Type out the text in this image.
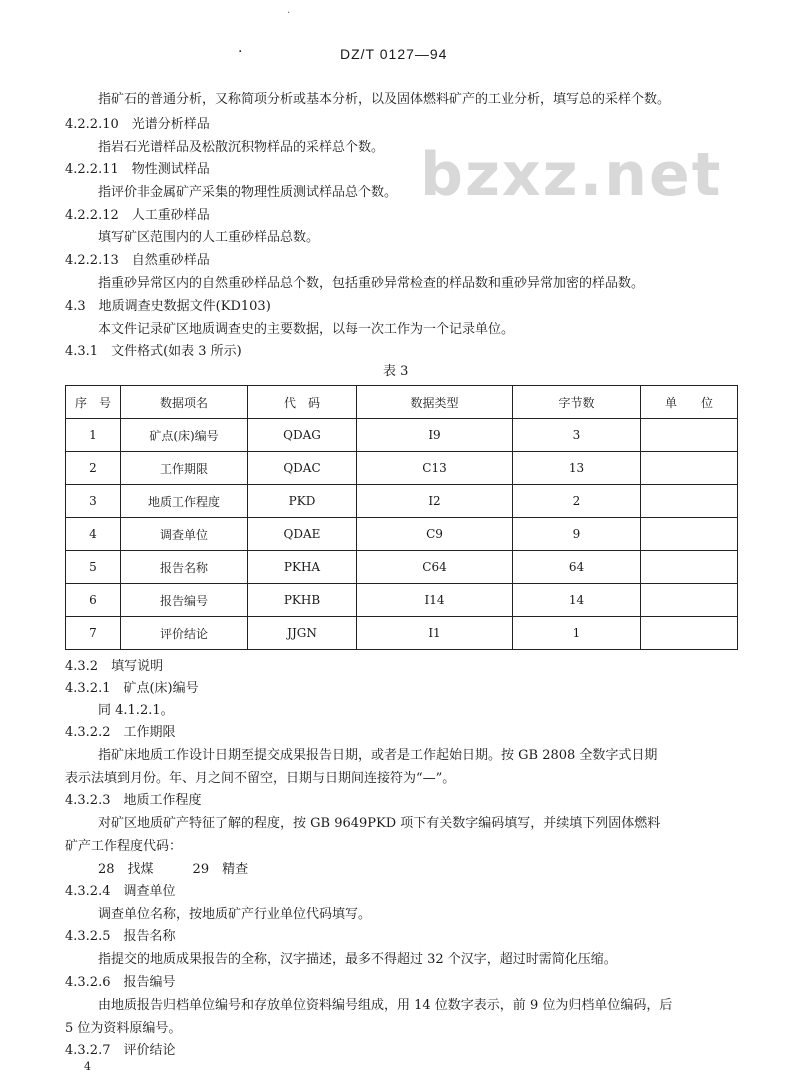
·
·	DZ/T 0127—94
bzxz.net
指矿石的普通分析，又称简项分析或基本分析，以及固体燃料矿产的工业分析，填写总的采样个数。
4.2.2.10　光谱分析样品
指岩石光谱样品及松散沉积物样品的采样总个数。
4.2.2.11　物性测试样品
指评价非金属矿产采集的物理性质测试样品总个数。
4.2.2.12　人工重砂样品
填写矿区范围内的人工重砂样品总数。
4.2.2.13　自然重砂样品
指重砂异常区内的自然重砂样品总个数，包括重砂异常检查的样品数和重砂异常加密的样品数。
4.3　地质调查史数据文件(KD103)
本文件记录矿区地质调查史的主要数据，以每一次工作为一个记录单位。
4.3.1　文件格式(如表 3 所示)
表 3
序　号	数据项名	代　码	数据类型	字节数	单　　位
1	矿点(床)编号	QDAG	I9	3	
2	工作期限	QDAC	C13	13	
3	地质工作程度	PKD	I2	2	
4	调查单位	QDAE	C9	9	
5	报告名称	PKHA	C64	64	
6	报告编号	PKHB	I14	14	
7	评价结论	JJGN	I1	1	
4.3.2　填写说明
4.3.2.1　矿点(床)编号
同 4.1.2.1。
4.3.2.2　工作期限
指矿床地质工作设计日期至提交成果报告日期，或者是工作起始日期。按 GB 2808 全数字式日期
表示法填到月份。年、月之间不留空，日期与日期间连接符为“—”。
4.3.2.3　地质工作程度
对矿区地质矿产特征了解的程度，按 GB 9649PKD 项下有关数字编码填写，并续填下列固体燃料
矿产工作程度代码：
28　找煤　　　29　精查
4.3.2.4　调查单位
调查单位名称，按地质矿产行业单位代码填写。
4.3.2.5　报告名称
指提交的地质成果报告的全称，汉字描述，最多不得超过 32 个汉字，超过时需简化压缩。
4.3.2.6　报告编号
由地质报告归档单位编号和存放单位资料编号组成，用 14 位数字表示，前 9 位为归档单位编码，后
5 位为资料原编号。
4.3.2.7　评价结论
4
